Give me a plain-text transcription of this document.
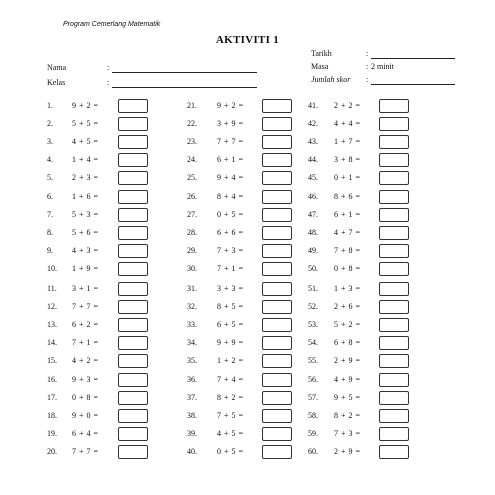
Program Cemerlang Matematik
AKTIVITI 1
Nama	:
Kelas	:
Tarikh	:
Masa	: 2 minit
Jumlah skor :
1. 9 + 2 =
2. 5 + 5 =
3. 4 + 5 =
4. 1 + 4 =
5. 2 + 3 =
6. 1 + 6 =
7. 5 + 3 =
8. 5 + 6 =
9. 4 + 3 =
10. 1 + 9 =
11. 3 + 1 =
12. 7 + 7 =
13. 6 + 2 =
14. 7 + 1 =
15. 4 + 2 =
16. 9 + 3 =
17. 0 + 8 =
18. 9 + 0 =
19. 6 + 4 =
20. 7 + 7 =
21.	9 + 2 =
22.	3 + 9 =
23.	7 + 7 =
24.	6 + 1 =
25.	9 + 4 =
26.	8 + 4 =
27.	0 + 5 =
28.	6 + 6 =
29.	7 + 3 =
30.	7 + 1 =
31.	3 + 3 =
32.	8 + 5 =
33.	6 + 5 =
34.	9 + 9 =
35.	1 + 2 =
36.	7 + 4 =
37.	8 + 2 =
38.	7 + 5 =
39.	4 + 5 =
40.	0 + 5 =
41. 2 + 2 =
42. 4 + 4 =
43. 1 + 7 =
44. 3 + 8 =
45. 0 + 1 =
46. 8 + 6 =
47. 6 + 1 =
48. 4 + 7 =
49. 7 + 8 =
50. 0 + 8 =
51. 1 + 3 =
52. 2 + 6 =
53. 5 + 2 =
54. 6 + 8 =
55. 2 + 9 =
56. 4 + 9 =
57. 9 + 5 =
58. 8 + 2 =
59. 7 + 3 =
60. 2 + 9 =
